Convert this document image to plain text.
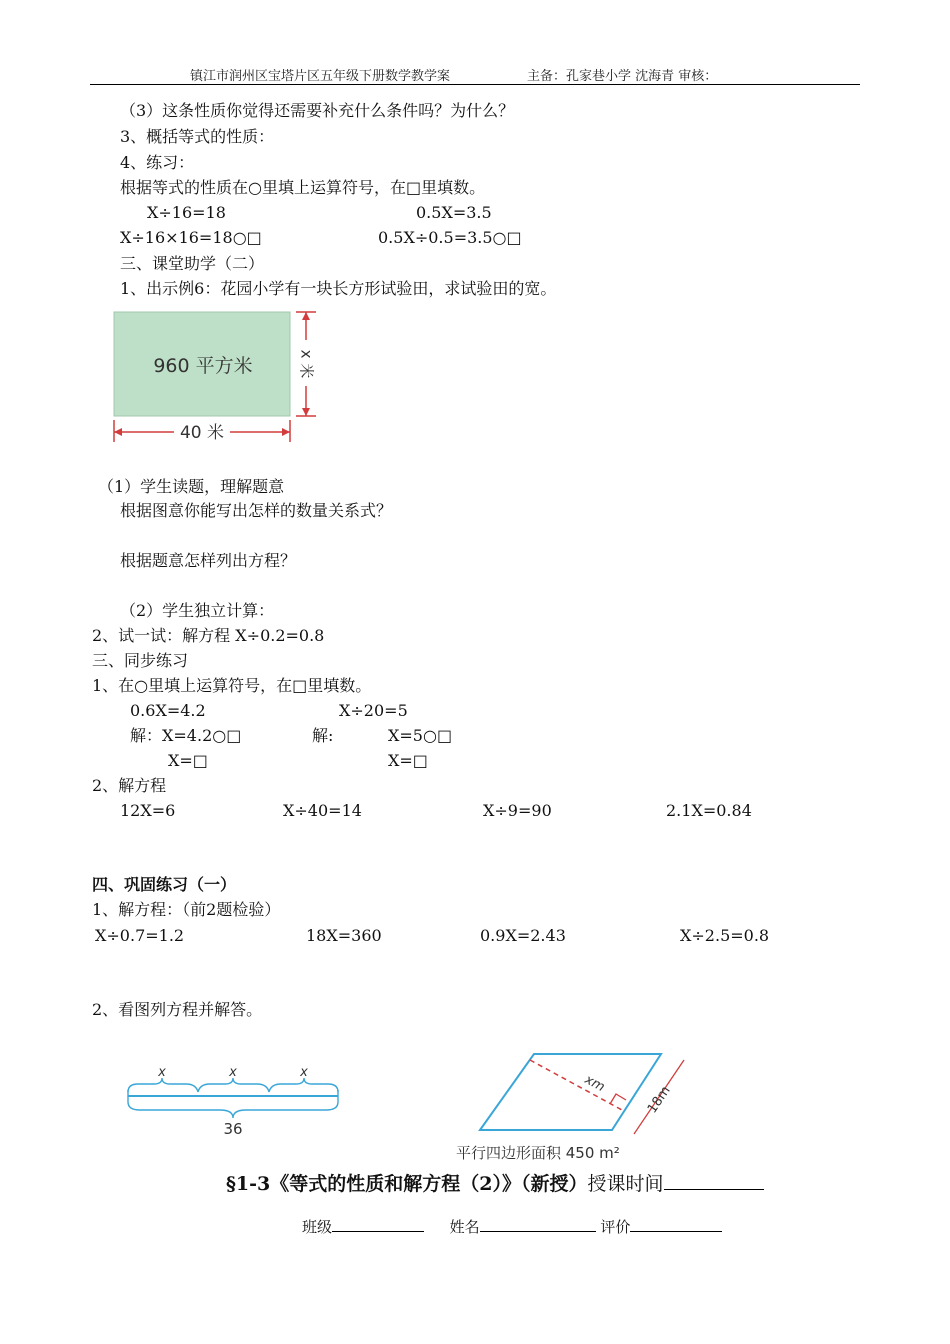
镇江市润州区宝塔片区五年级下册数学教学案	主备：孔家巷小学 沈海青 审核：
（3）这条性质你觉得还需要补充什么条件吗？为什么？
3、概括等式的性质：
4、练习：
根据等式的性质在○里填上运算符号，在□里填数。
X÷16=18	0.5X=3.5
X÷16×16=18○□	0.5X÷0.5=3.5○□
三、课堂助学（二）
1、出示例6：花园小学有一块长方形试验田，求试验田的宽。
960 平方米
40 米
x 米
（1）学生读题，理解题意
根据图意你能写出怎样的数量关系式？
根据题意怎样列出方程？
（2）学生独立计算：
2、试一试：解方程 X÷0.2=0.8
三、同步练习
1、在○里填上运算符号，在□里填数。
0.6X=4.2	X÷20=5
解：X=4.2○□	解:	X=5○□
X=□	X=□
2、解方程
12X=6	X÷40=14	X÷9=90	2.1X=0.84
四、巩固练习（一）
1、解方程：（前2题检验）
X÷0.7=1.2	18X=360	0.9X=2.43	X÷2.5=0.8
2、看图列方程并解答。
x	x	x
36
xm	18m
平行四边形面积 450 m²
§1-3《等式的性质和解方程（2）》（新授）授课时间
班级	姓名	评价
